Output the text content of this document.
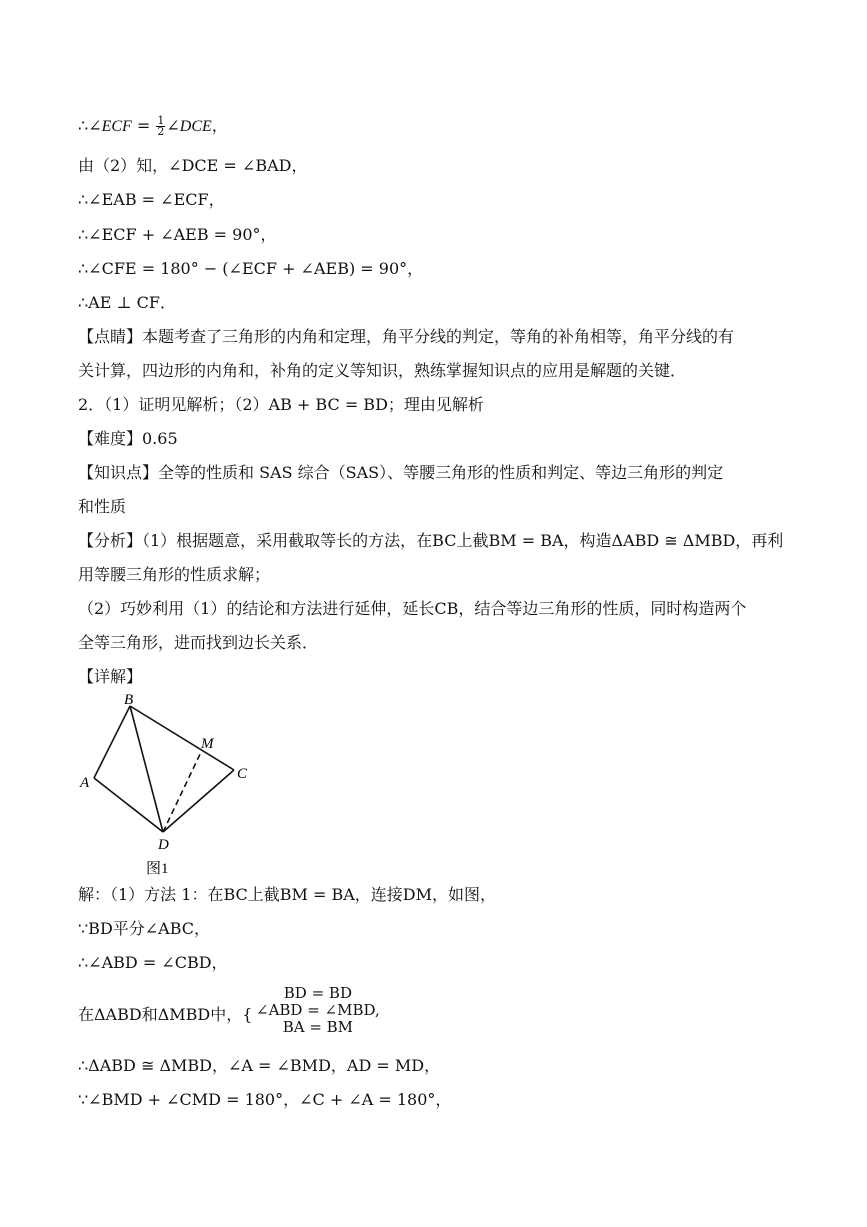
∴∠ECF = $\frac{1}{2}$ ∠DCE，
由（2）知，∠DCE = ∠BAD，
∴∠EAB = ∠ECF，
∴∠ECF + ∠AEB = 90°，
∴∠CFE = 180° − (∠ECF + ∠AEB) = 90°，
∴AE ⊥ CF．
【点睛】本题考查了三角形的内角和定理，角平分线的判定，等角的补角相等，角平分线的有
关计算，四边形的内角和，补角的定义等知识，熟练掌握知识点的应用是解题的关键．
2．（1）证明见解析；（2）AB + BC = BD；理由见解析
【难度】0.65
【知识点】全等的性质和 SAS 综合（SAS）、等腰三角形的性质和判定、等边三角形的判定
和性质
【分析】（1）根据题意，采用截取等长的方法，在BC上截BM = BA，构造ΔABD ≅ ΔMBD，再利
用等腰三角形的性质求解；
（2）巧妙利用（1）的结论和方法进行延伸，延长CB，结合等边三角形的性质，同时构造两个
全等三角形，进而找到边长关系．
【详解】
B
A
C
D
M
图1
解：（1）方法 1：在BC上截BM = BA，连接DM，如图，
∵BD平分∠ABC，
∴∠ABD = ∠CBD，
在ΔABD和ΔMBD中，{
BD = BD
∠ABD = ∠MBD,
BA = BM
∴ΔABD ≅ ΔMBD，∠A = ∠BMD，AD = MD，
∵∠BMD + ∠CMD = 180°，∠C + ∠A = 180°，
